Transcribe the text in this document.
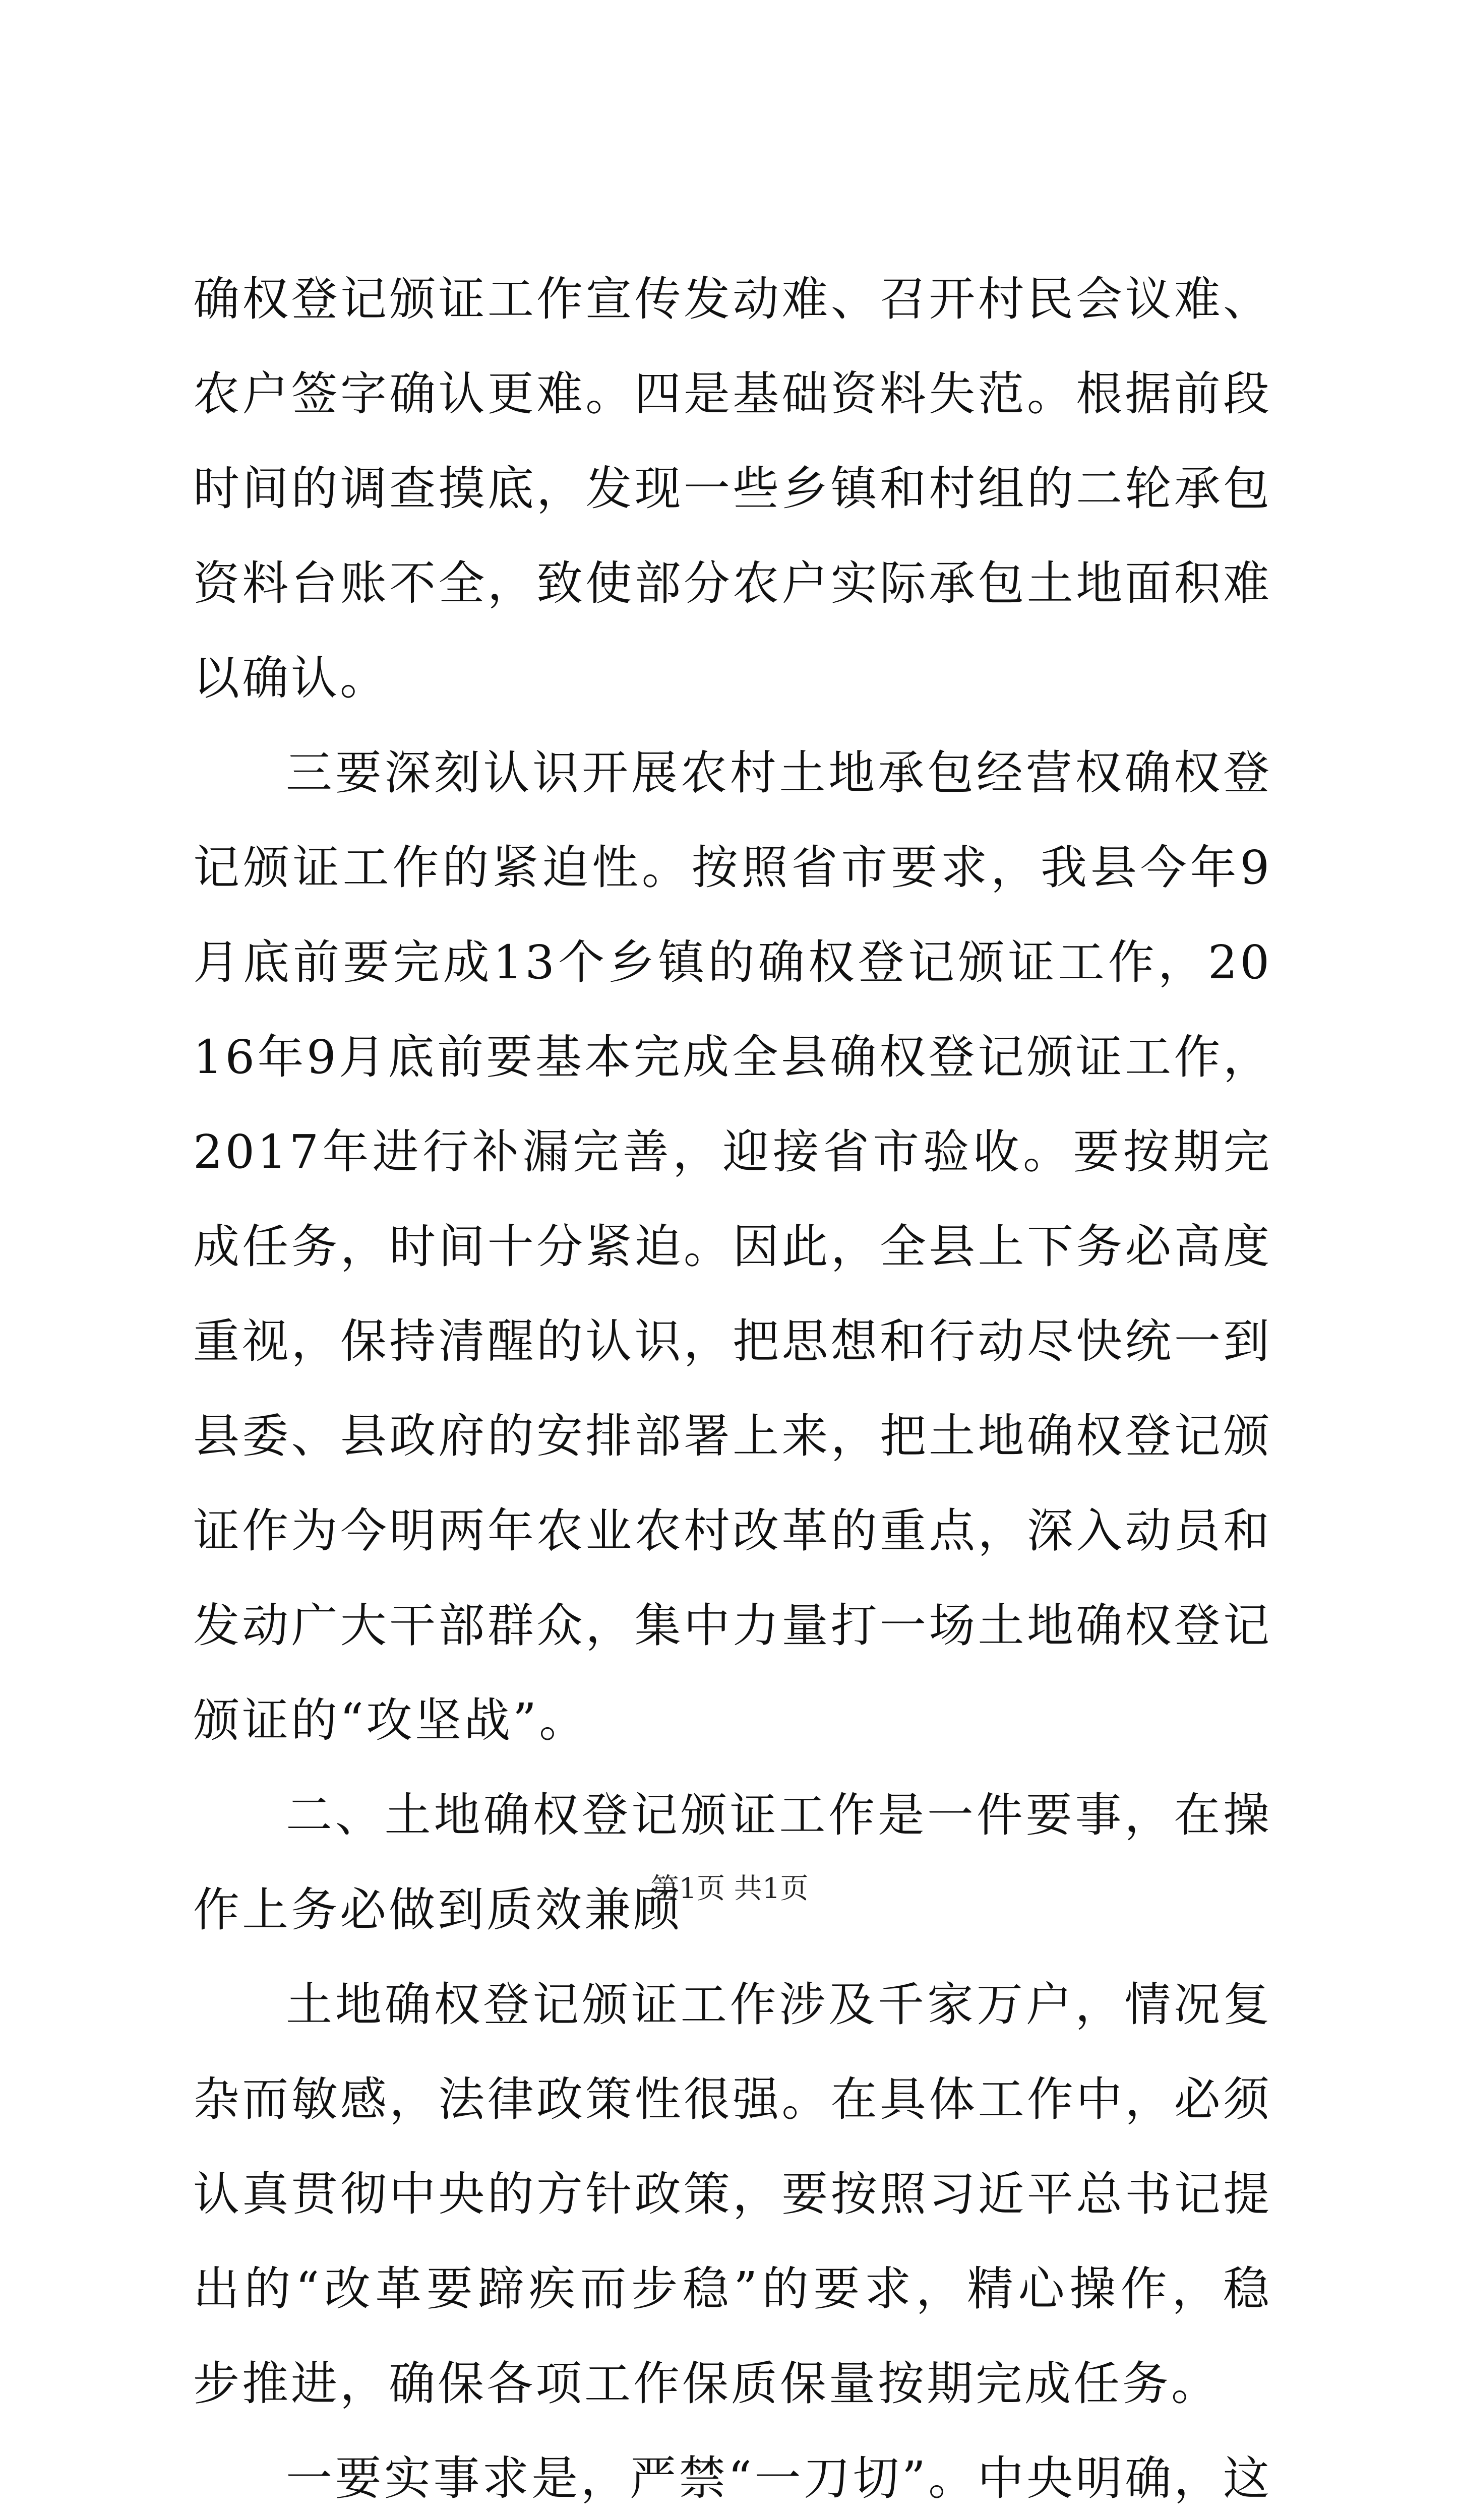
确权登记颁证工作宣传发动难、召开村民会议难、农户签字确认更难。四是基础资料失范。根据前段时间的调查摸底，发现一些乡镇和村组的二轮承包资料台账不全，致使部分农户实际承包土地面积难以确认。

三要深刻认识开展农村土地承包经营权确权登记颁证工作的紧迫性。按照省市要求，我县今年9月底前要完成13个乡镇的确权登记颁证工作，2016年9月底前要基本完成全县确权登记颁证工作，2017年进行补漏完善，迎接省市验收。要按期完成任务，时间十分紧迫。因此，全县上下务必高度重视，保持清醒的认识，把思想和行动尽快统一到县委、县政府的安排部署上来，把土地确权登记颁证作为今明两年农业农村改革的重点，深入动员和发动广大干部群众，集中力量打一场土地确权登记颁证的“攻坚战”。

二、土地确权登记颁证工作是一件要事，在操作上务必做到质效兼顾

土地确权登记颁证工作涉及千家万户，情况复杂而敏感，法律政策性很强。在具体工作中，必须认真贯彻中央的方针政策，要按照习近平总书记提出的“改革要蹄疾而步稳”的要求，精心操作，稳步推进，确保各项工作保质保量按期完成任务。

一要实事求是，严禁“一刀切”。中央明确，这

第1页 共1页
